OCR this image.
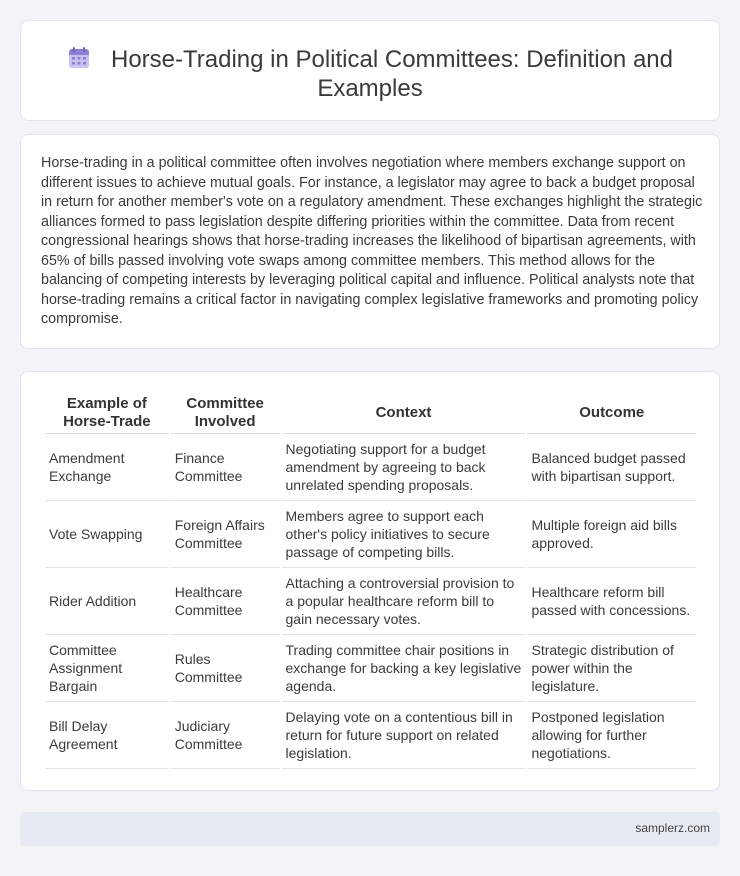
Horse-Trading in Political Committees: Definition and Examples

Horse-trading in a political committee often involves negotiation where members exchange support on different issues to achieve mutual goals. For instance, a legislator may agree to back a budget proposal in return for another member's vote on a regulatory amendment. These exchanges highlight the strategic alliances formed to pass legislation despite differing priorities within the committee. Data from recent congressional hearings shows that horse-trading increases the likelihood of bipartisan agreements, with 65% of bills passed involving vote swaps among committee members. This method allows for the balancing of competing interests by leveraging political capital and influence. Political analysts note that horse-trading remains a critical factor in navigating complex legislative frameworks and promoting policy compromise.

Example of Horse-Trade	Committee Involved	Context	Outcome
Amendment Exchange	Finance Committee	Negotiating support for a budget amendment by agreeing to back unrelated spending proposals.	Balanced budget passed with bipartisan support.
Vote Swapping	Foreign Affairs Committee	Members agree to support each other's policy initiatives to secure passage of competing bills.	Multiple foreign aid bills approved.
Rider Addition	Healthcare Committee	Attaching a controversial provision to a popular healthcare reform bill to gain necessary votes.	Healthcare reform bill passed with concessions.
Committee Assignment Bargain	Rules Committee	Trading committee chair positions in exchange for backing a key legislative agenda.	Strategic distribution of power within the legislature.
Bill Delay Agreement	Judiciary Committee	Delaying vote on a contentious bill in return for future support on related legislation.	Postponed legislation allowing for further negotiations.
samplerz.com
